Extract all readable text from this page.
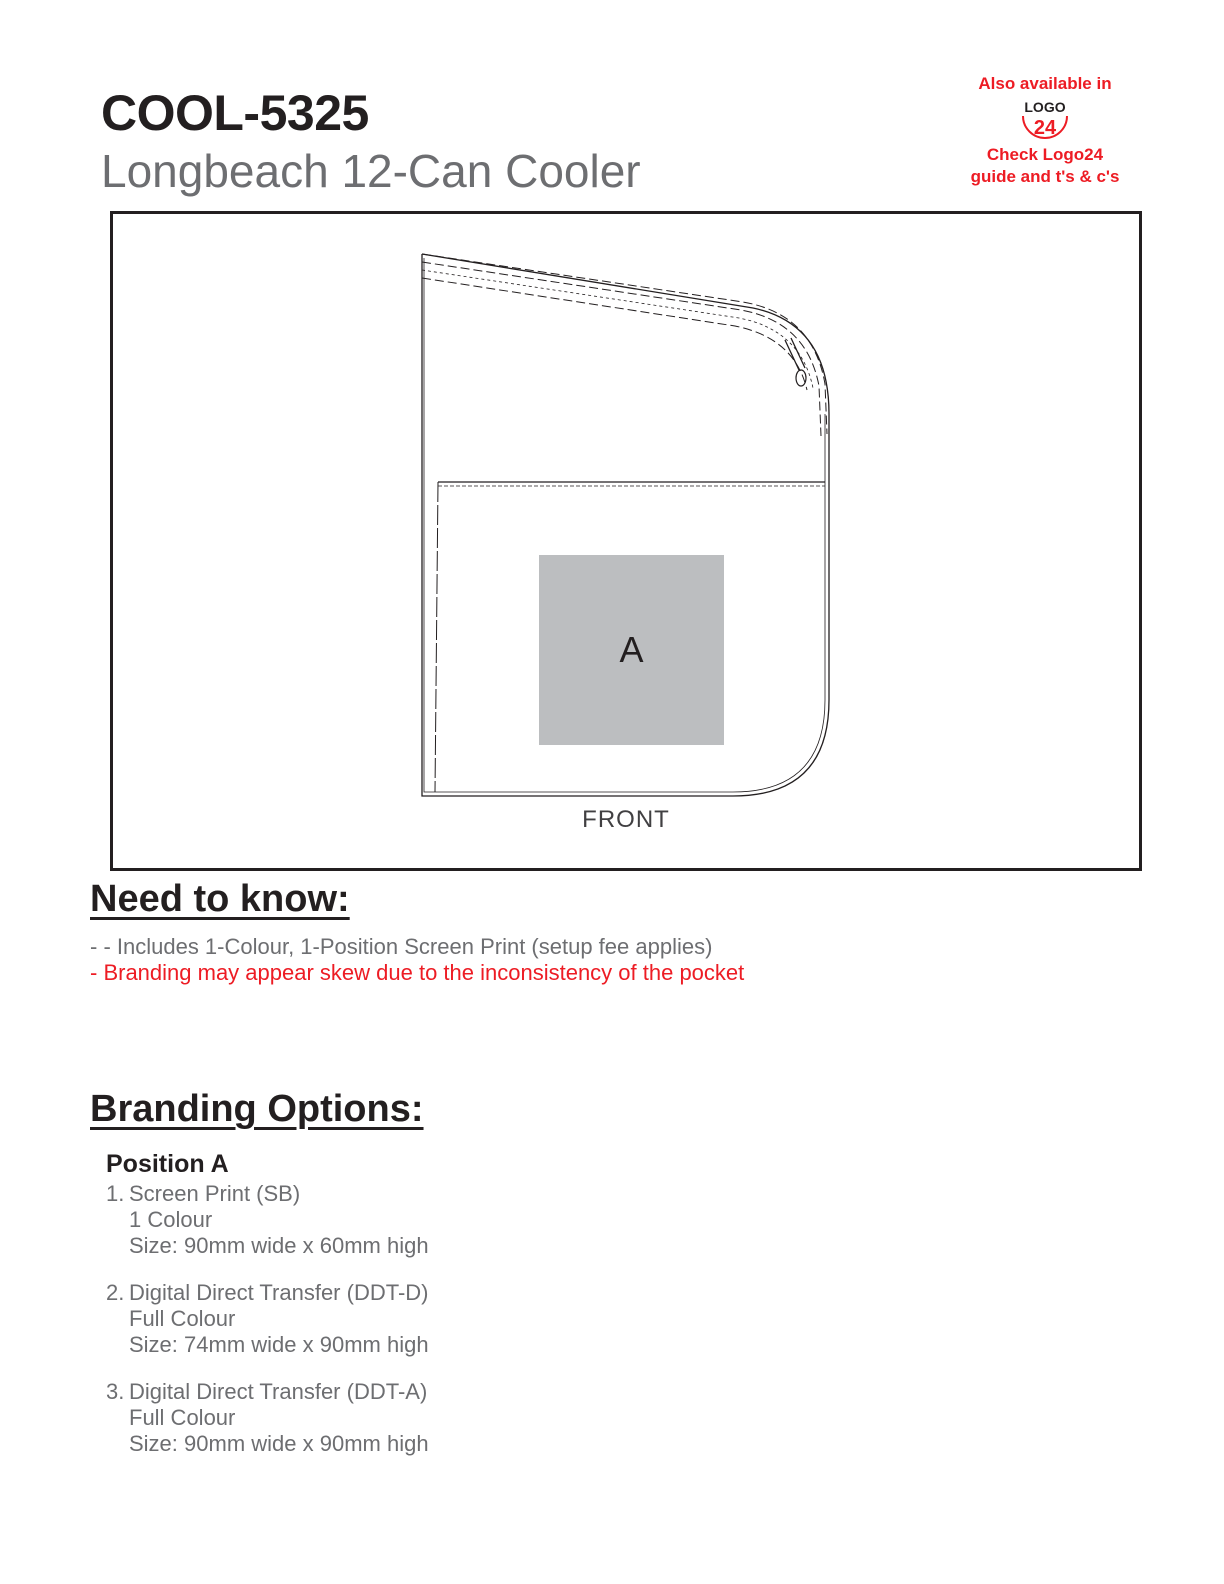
COOL-5325
Longbeach 12-Can Cooler
Also available in
LOGO
24
Check Logo24
guide and t's & c's
A
FRONT
Need to know:
- - Includes 1-Colour, 1-Position Screen Print (setup fee applies)
- Branding may appear skew due to the inconsistency of the pocket
Branding Options:
Position A
1. Screen Print (SB)
1 Colour
Size: 90mm wide x 60mm high
2. Digital Direct Transfer (DDT-D)
Full Colour
Size: 74mm wide x 90mm high
3. Digital Direct Transfer (DDT-A)
Full Colour
Size: 90mm wide x 90mm high
